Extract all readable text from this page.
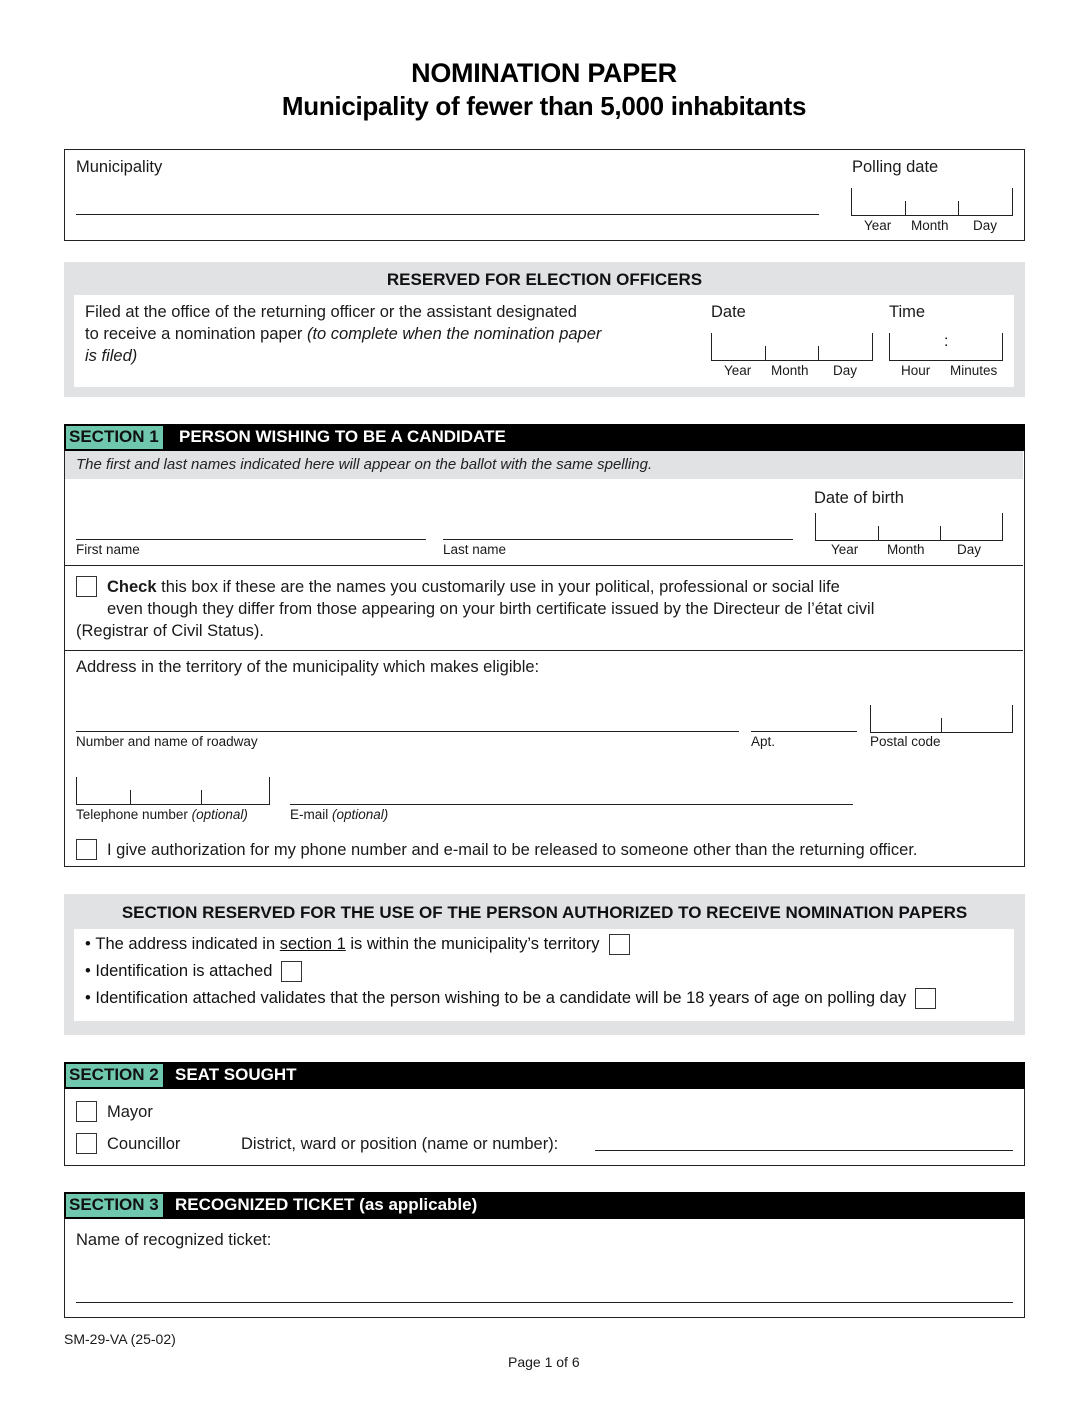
NOMINATION PAPER
Municipality of fewer than 5,000 inhabitants
Municipality	Polling date
Year Month Day
RESERVED FOR ELECTION OFFICERS
Filed at the office of the returning officer or the assistant designated
to receive a nomination paper (to complete when the nomination paper
is filed)
Date
Year Month Day
Time
:
Hour Minutes
SECTION 1 PERSON WISHING TO BE A CANDIDATE
The first and last names indicated here will appear on the ballot with the same spelling.
First name	Last name
Date of birth
Year Month Day
Check this box if these are the names you customarily use in your political, professional or social life
even though they differ from those appearing on your birth certificate issued by the Directeur de l’état civil
(Registrar of Civil Status).
Address in the territory of the municipality which makes eligible:
Number and name of roadway	Apt.	Postal code
Telephone number (optional)	E-mail (optional)
I give authorization for my phone number and e-mail to be released to someone other than the returning officer.
SECTION RESERVED FOR THE USE OF THE PERSON AUTHORIZED TO RECEIVE NOMINATION PAPERS
• The address indicated in section 1 is within the municipality’s territory
• Identification is attached
• Identification attached validates that the person wishing to be a candidate will be 18 years of age on polling day
SECTION 2 SEAT SOUGHT
Mayor
Councillor	District, ward or position (name or number):
SECTION 3 RECOGNIZED TICKET (as applicable)
Name of recognized ticket:
SM-29-VA (25-02)
Page 1 of 6
